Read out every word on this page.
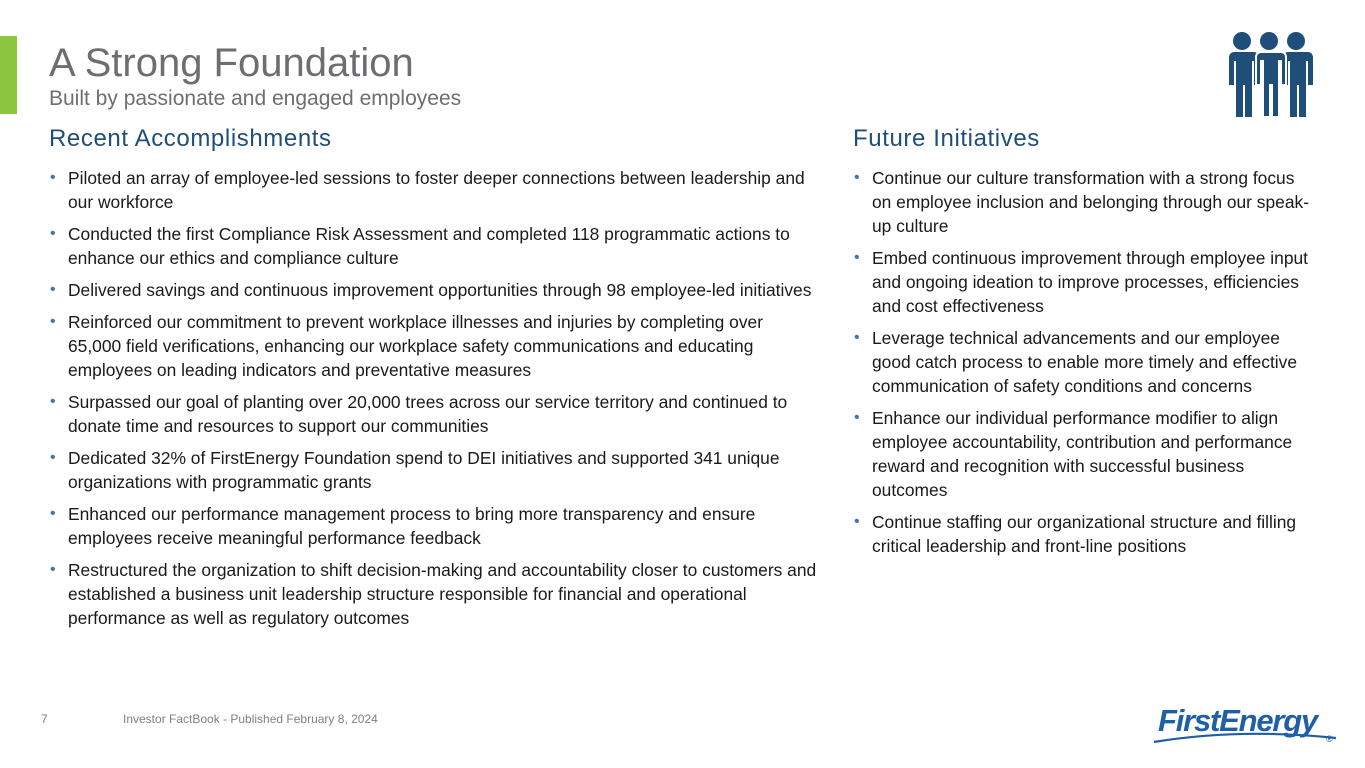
A Strong Foundation

Built by passionate and engaged employees

Recent Accomplishments
• Piloted an array of employee-led sessions to foster deeper connections between leadership and our workforce
• Conducted the first Compliance Risk Assessment and completed 118 programmatic actions to enhance our ethics and compliance culture
• Delivered savings and continuous improvement opportunities through 98 employee-led initiatives
• Reinforced our commitment to prevent workplace illnesses and injuries by completing over 65,000 field verifications, enhancing our workplace safety communications and educating employees on leading indicators and preventative measures
• Surpassed our goal of planting over 20,000 trees across our service territory and continued to donate time and resources to support our communities
• Dedicated 32% of FirstEnergy Foundation spend to DEI initiatives and supported 341 unique organizations with programmatic grants
• Enhanced our performance management process to bring more transparency and ensure employees receive meaningful performance feedback
• Restructured the organization to shift decision-making and accountability closer to customers and established a business unit leadership structure responsible for financial and operational performance as well as regulatory outcomes
Future Initiatives
• Continue our culture transformation with a strong focus on employee inclusion and belonging through our speak-up culture
• Embed continuous improvement through employee input and ongoing ideation to improve processes, efficiencies and cost effectiveness
• Leverage technical advancements and our employee good catch process to enable more timely and effective communication of safety conditions and concerns
• Enhance our individual performance modifier to align employee accountability, contribution and performance reward and recognition with successful business outcomes
• Continue staffing our organizational structure and filling critical leadership and front-line positions
7	Investor FactBook - Published February 8, 2024	FirstEnergy
®
